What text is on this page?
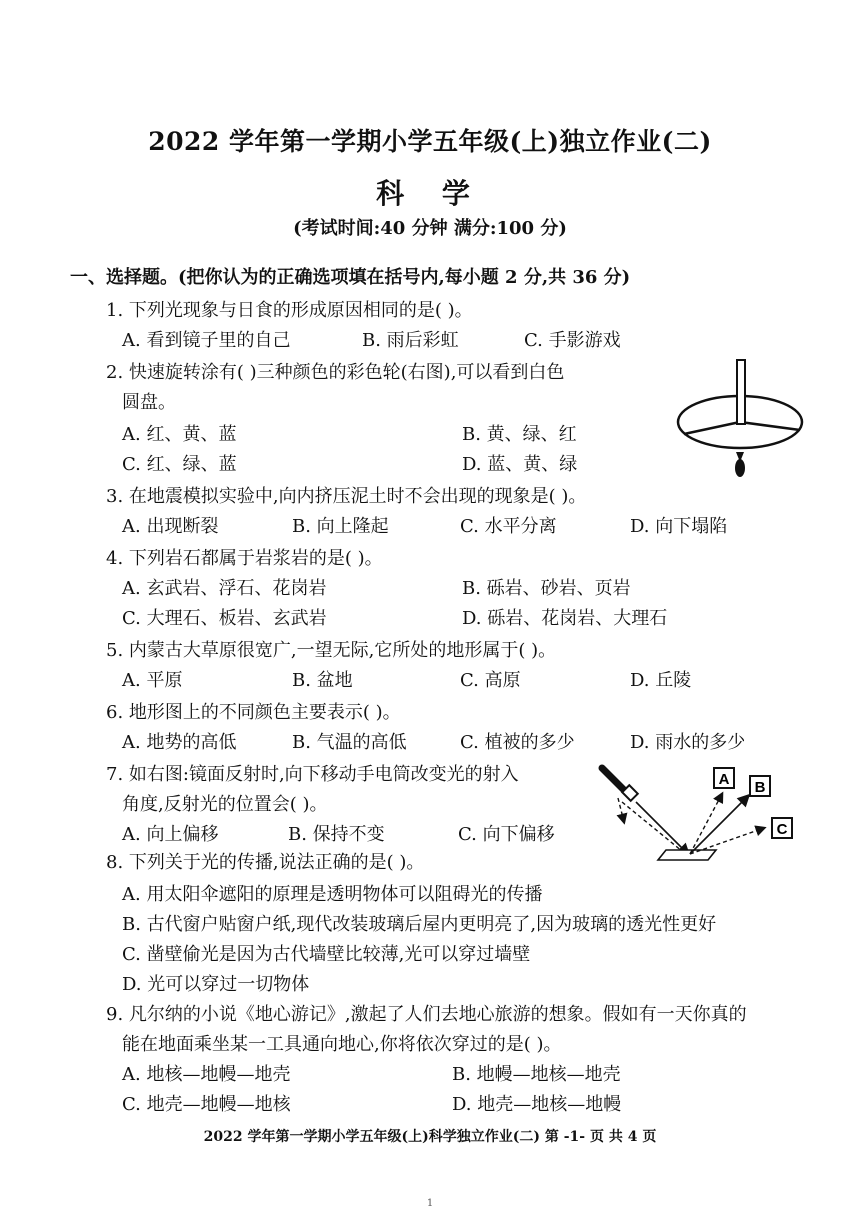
2022 学年第一学期小学五年级(上)独立作业(二)
科 学
(考试时间:40 分钟 满分:100 分)
一、选择题。(把你认为的正确选项填在括号内,每小题 2 分,共 36 分)
1. 下列光现象与日食的形成原因相同的是( )。
A. 看到镜子里的自己	B. 雨后彩虹	C. 手影游戏
2. 快速旋转涂有( )三种颜色的彩色轮(右图),可以看到白色
圆盘。
A. 红、黄、蓝	B. 黄、绿、红
C. 红、绿、蓝	D. 蓝、黄、绿
3. 在地震模拟实验中,向内挤压泥土时不会出现的现象是( )。
A. 出现断裂	B. 向上隆起	C. 水平分离	D. 向下塌陷
4. 下列岩石都属于岩浆岩的是( )。
A. 玄武岩、浮石、花岗岩	B. 砾岩、砂岩、页岩
C. 大理石、板岩、玄武岩	D. 砾岩、花岗岩、大理石
5. 内蒙古大草原很宽广,一望无际,它所处的地形属于( )。
A. 平原	B. 盆地	C. 高原	D. 丘陵
6. 地形图上的不同颜色主要表示( )。
A. 地势的高低	B. 气温的高低	C. 植被的多少	D. 雨水的多少
7. 如右图:镜面反射时,向下移动手电筒改变光的射入
角度,反射光的位置会( )。
A. 向上偏移	B. 保持不变	C. 向下偏移
A B
C
8. 下列关于光的传播,说法正确的是( )。
A. 用太阳伞遮阳的原理是透明物体可以阻碍光的传播
B. 古代窗户贴窗户纸,现代改装玻璃后屋内更明亮了,因为玻璃的透光性更好
C. 凿壁偷光是因为古代墙壁比较薄,光可以穿过墙壁
D. 光可以穿过一切物体
9. 凡尔纳的小说《地心游记》,激起了人们去地心旅游的想象。假如有一天你真的
能在地面乘坐某一工具通向地心,你将依次穿过的是( )。
A. 地核—地幔—地壳	B. 地幔—地核—地壳
C. 地壳—地幔—地核	D. 地壳—地核—地幔
2022 学年第一学期小学五年级(上)科学独立作业(二) 第 -1- 页 共 4 页
1
